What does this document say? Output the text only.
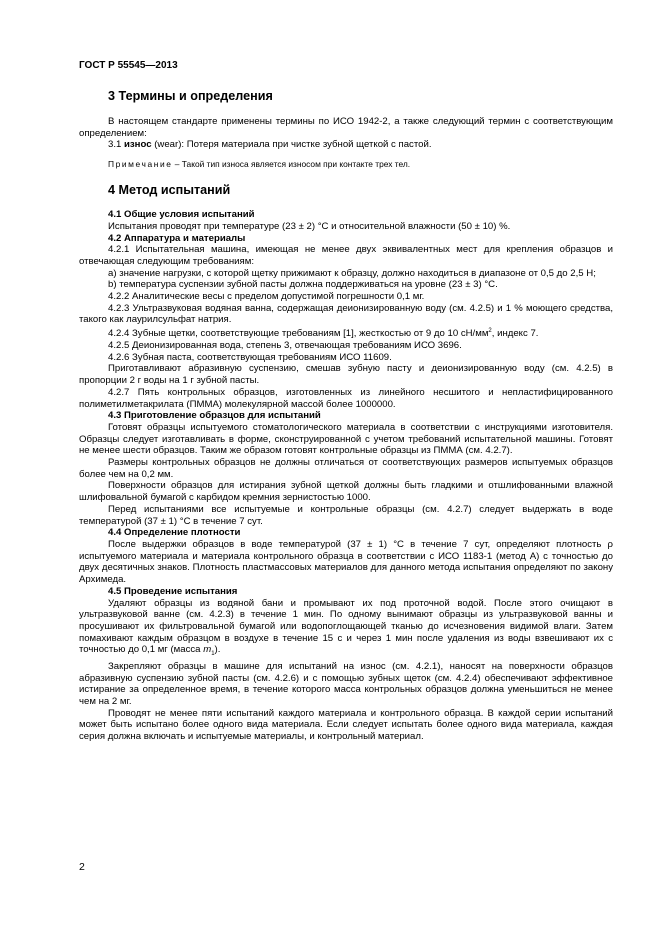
ГОСТ Р 55545—2013
3 Термины и определения

В настоящем стандарте применены термины по ИСО 1942-2, а также следующий термин с соответствующим определением:

3.1 износ (wear): Потеря материала при чистке зубной щеткой с пастой.

Примечание – Такой тип износа является износом при контакте трех тел.

4 Метод испытаний
4.1 Общие условия испытаний

Испытания проводят при температуре (23 ± 2) °С и относительной влажности (50 ± 10) %.

4.2 Аппаратура и материалы

4.2.1 Испытательная машина, имеющая не менее двух эквивалентных мест для крепления образцов и отвечающая следующим требованиям:

а) значение нагрузки, с которой щетку прижимают к образцу, должно находиться в диапазоне от 0,5 до 2,5 Н;

b) температура суспензии зубной пасты должна поддерживаться на уровне (23 ± 3) °С.

4.2.2 Аналитические весы с пределом допустимой погрешности 0,1 мг.

4.2.3 Ультразвуковая водяная ванна, содержащая деионизированную воду (см. 4.2.5) и 1 % моющего средства, такого как лаурилсульфат натрия.

4.2.4 Зубные щетки, соответствующие требованиям [1], жесткостью от 9 до 10 $сН/мм^2$, индекс 7.

4.2.5 Деионизированная вода, степень 3, отвечающая требованиям ИСО 3696.

4.2.6 Зубная паста, соответствующая требованиям ИСО 11609.

Приготавливают абразивную суспензию, смешав зубную пасту и деионизированную воду (см. 4.2.5) в пропорции 2 г воды на 1 г зубной пасты.

4.2.7 Пять контрольных образцов, изготовленных из линейного несшитого и непластифицированного полиметилметакрилата (ПММА) молекулярной массой более 1000000.

4.3 Приготовление образцов для испытаний

Готовят образцы испытуемого стоматологического материала в соответствии с инструкциями изготовителя. Образцы следует изготавливать в форме, сконструированной с учетом требований испытательной машины. Готовят не менее шести образцов. Таким же образом готовят контрольные образцы из ПММА (см. 4.2.7).

Размеры контрольных образцов не должны отличаться от соответствующих размеров испытуемых образцов более чем на 0,2 мм.

Поверхности образцов для истирания зубной щеткой должны быть гладкими и отшлифованными влажной шлифовальной бумагой с карбидом кремния зернистостью 1000.

Перед испытаниями все испытуемые и контрольные образцы (см. 4.2.7) следует выдержать в воде температурой (37 ± 1) °С в течение 7 сут.

4.4 Определение плотности

После выдержки образцов в воде температурой (37 ± 1) °С в течение 7 сут, определяют плотность ρ испытуемого материала и материала контрольного образца в соответствии с ИСО 1183-1 (метод А) с точностью до двух десятичных знаков. Плотность пластмассовых материалов для данного метода испытания определяют по закону Архимеда.

4.5 Проведение испытания

Удаляют образцы из водяной бани и промывают их под проточной водой. После этого очищают в ультразвуковой ванне (см. 4.2.3) в течение 1 мин. По одному вынимают образцы из ультразвуковой ванны и просушивают их фильтровальной бумагой или водопоглощающей тканью до исчезновения видимой влаги. Затем помахивают каждым образцом в воздухе в течение 15 с и через 1 мин после удаления из воды взвешивают их с точностью до 0,1 мг (масса $m_1$).

Закрепляют образцы в машине для испытаний на износ (см. 4.2.1), наносят на поверхности образцов абразивную суспензию зубной пасты (см. 4.2.6) и с помощью зубных щеток (см. 4.2.4) обеспечивают эффективное истирание за определенное время, в течение которого масса контрольных образцов должна уменьшиться не менее чем на 2 мг.

Проводят не менее пяти испытаний каждого материала и контрольного образца. В каждой серии испытаний может быть испытано более одного вида материала. Если следует испытать более одного вида материала, каждая серия должна включать и испытуемые материалы, и контрольный материал.

2
